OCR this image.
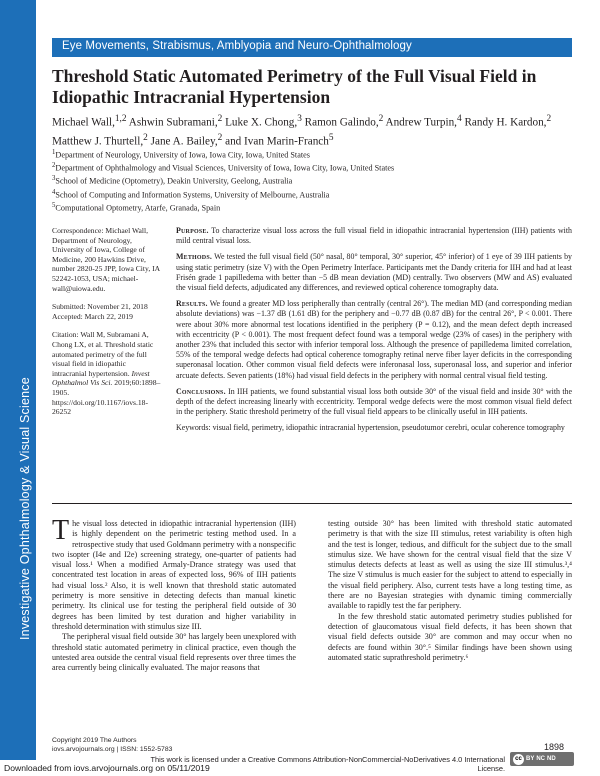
Investigative Ophthalmology & Visual Science
Eye Movements, Strabismus, Amblyopia and Neuro-Ophthalmology
Threshold Static Automated Perimetry of the Full Visual Field in Idiopathic Intracranial Hypertension
Michael Wall,$^{1,2}$ Ashwin Subramani,$^2$ Luke X. Chong,$^3$ Ramon Galindo,$^2$ Andrew Turpin,$^4$ Randy H. Kardon,$^2$ Matthew J. Thurtell,$^2$ Jane A. Bailey,$^2$ and Ivan Marin-Franch$^5$
$^1$Department of Neurology, University of Iowa, Iowa City, Iowa, United States
$^2$Department of Ophthalmology and Visual Sciences, University of Iowa, Iowa City, Iowa, United States
$^3$School of Medicine (Optometry), Deakin University, Geelong, Australia
$^4$School of Computing and Information Systems, University of Melbourne, Australia
$^5$Computational Optometry, Atarfe, Granada, Spain

Correspondence: Michael Wall, Department of Neurology, University of Iowa, College of Medicine, 200 Hawkins Drive, number 2820-25 JPP, Iowa City, IA 52242-1053, USA; michael-wall@uiowa.edu.

Submitted: November 21, 2018
Accepted: March 22, 2019

Citation: Wall M, Subramani A, Chong LX, et al. Threshold static automated perimetry of the full visual field in idiopathic intracranial hypertension. Invest Ophthalmol Vis Sci. 2019;60:1898–1905. https://doi.org/10.1167/iovs.18-26252

Purpose. To characterize visual loss across the full visual field in idiopathic intracranial hypertension (IIH) patients with mild central visual loss.

Methods. We tested the full visual field (50° nasal, 80° temporal, 30° superior, 45° inferior) of 1 eye of 39 IIH patients by using static perimetry (size V) with the Open Perimetry Interface. Participants met the Dandy criteria for IIH and had at least Frisén grade 1 papilledema with better than −5 dB mean deviation (MD) centrally. Two observers (MW and AS) evaluated the visual field defects, adjudicated any differences, and reviewed optical coherence tomography data.

Results. We found a greater MD loss peripherally than centrally (central 26°). The median MD (and corresponding median absolute deviations) was −1.37 dB (1.61 dB) for the periphery and −0.77 dB (0.87 dB) for the central 26°, P < 0.001. There were about 30% more abnormal test locations identified in the periphery (P = 0.12), and the mean defect depth increased with eccentricity (P < 0.001). The most frequent defect found was a temporal wedge (23% of cases) in the periphery with another 23% that included this sector with inferior temporal loss. Although the presence of papilledema limited correlation, 55% of the temporal wedge defects had optical coherence tomography retinal nerve fiber layer deficits in the corresponding superonasal location. Other common visual field defects were inferonasal loss, superonasal loss, and superior and inferior arcuate defects. Seven patients (18%) had visual field defects in the periphery with normal central visual field testing.

Conclusions. In IIH patients, we found substantial visual loss both outside 30° of the visual field and inside 30° with the depth of the defect increasing linearly with eccentricity. Temporal wedge defects were the most common visual field defect in the periphery. Static threshold perimetry of the full visual field appears to be clinically useful in IIH patients.

Keywords: visual field, perimetry, idiopathic intracranial hypertension, pseudotumor cerebri, ocular coherence tomography

The visual loss detected in idiopathic intracranial hypertension (IIH) is highly dependent on the perimetric testing method used. In a retrospective study that used Goldmann perimetry with a nonspecific two isopter (I4e and I2e) screening strategy, one-quarter of patients had visual loss.¹ When a modified Armaly-Drance strategy was used that concentrated test location in areas of expected loss, 96% of IIH patients had visual loss.² Also, it is well known that threshold static automated perimetry is more sensitive in detecting defects than manual kinetic perimetry. Its clinical use for testing the peripheral field outside of 30 degrees has been limited by test duration and higher variability in threshold determination with stimulus size III.

The peripheral visual field outside 30° has largely been unexplored with threshold static automated perimetry in clinical practice, even though the untested area outside the central visual field represents over three times the area currently being clinically evaluated. The major reasons that

testing outside 30° has been limited with threshold static automated perimetry is that with the size III stimulus, retest variability is often high and the test is longer, tedious, and difficult for the subject due to the small stimulus size. We have shown for the central visual field that the size V stimulus detects defects at least as well as using the size III stimulus.³,⁴ The size V stimulus is much easier for the subject to attend to especially in the visual field periphery. Also, current tests have a long testing time, as there are no Bayesian strategies with dynamic timing commercially available to rapidly test the far periphery.

In the few threshold static automated perimetry studies published for detection of glaucomatous visual field defects, it has been shown that visual field defects outside 30° are common and may occur when no defects are found within 30°.⁵ Similar findings have been shown using automated static suprathreshold perimetry.⁶

Copyright 2019 The Authors
iovs.arvojournals.org | ISSN: 1552-5783	1898
This work is licensed under a Creative Commons Attribution-NonCommercial-NoDerivatives 4.0 International License.
cc BY NC ND
Downloaded from iovs.arvojournals.org on 05/11/2019
